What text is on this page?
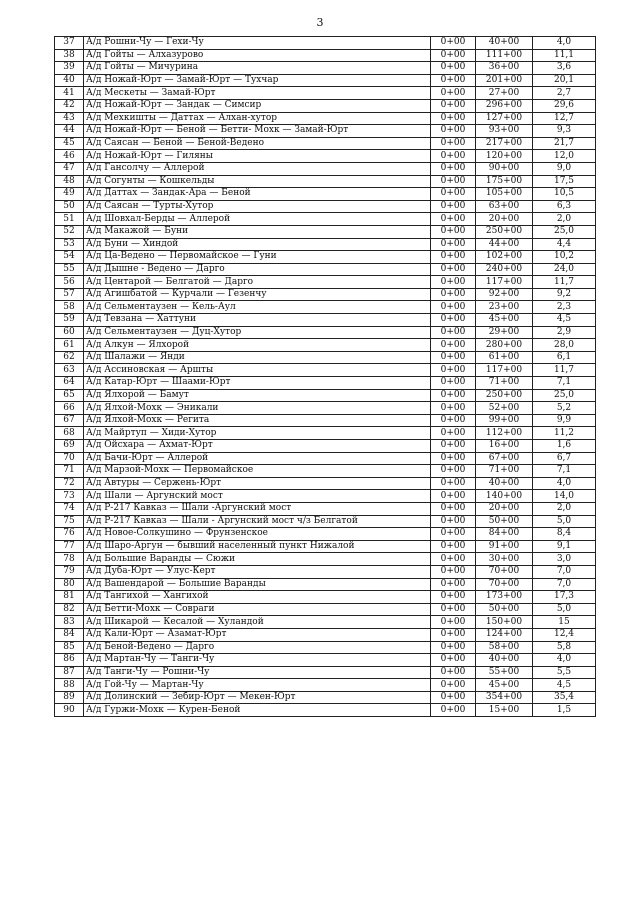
3
37	А/д Рошни-Чу — Гехи-Чу	0+00	40+00	4,0
38	А/д Гойты — Алхазурово	0+00	111+00	11,1
39	А/д Гойты — Мичурина	0+00	36+00	3,6
40	А/д Ножай-Юрт — Замай-Юрт — Тухчар	0+00	201+00	20,1
41	А/д Мескеты — Замай-Юрт	0+00	27+00	2,7
42	А/д Ножай-Юрт — Зандак — Симсир	0+00	296+00	29,6
43	А/д Мехкишты — Даттах — Алхан-хутор	0+00	127+00	12,7
44	А/д Ножай-Юрт — Беной — Бетти- Мохк — Замай-Юрт	0+00	93+00	9,3
45	А/д Саясан — Беной — Беной-Ведено	0+00	217+00	21,7
46	А/д Ножай-Юрт — Гиляны	0+00	120+00	12,0
47	А/д Гансолчу — Аллерой	0+00	90+00	9,0
48	А/д Согунты — Кошкельды	0+00	175+00	17,5
49	А/д Даттах — Зандак-Ара — Беной	0+00	105+00	10,5
50	А/д Саясан — Турты-Хутор	0+00	63+00	6,3
51	А/д Шовхал-Берды — Аллерой	0+00	20+00	2,0
52	А/д Макажой — Буни	0+00	250+00	25,0
53	А/д Буни — Хиндой	0+00	44+00	4,4
54	А/д Ца-Ведено — Первомайское — Гуни	0+00	102+00	10,2
55	А/д Дышне - Ведено — Дарго	0+00	240+00	24,0
56	А/д Центарой — Белгатой — Дарго	0+00	117+00	11,7
57	А/д Агишбатой — Курчали — Гезенчу	0+00	92+00	9,2
58	А/д Сельментаузен — Кель-Аул	0+00	23+00	2,3
59	А/д Тевзана — Хаттуни	0+00	45+00	4,5
60	А/д Сельментаузен — Дуц-Хутор	0+00	29+00	2,9
61	А/д Алкун — Ялхорой	0+00	280+00	28,0
62	А/д Шалажи — Янди	0+00	61+00	6,1
63	А/д Ассиновская — Аршты	0+00	117+00	11,7
64	А/д Катар-Юрт — Шаами-Юрт	0+00	71+00	7,1
65	А/д Ялхорой — Бамут	0+00	250+00	25,0
66	А/д Ялхой-Мохк — Эникали	0+00	52+00	5,2
67	А/д Ялхой-Мохк — Регита	0+00	99+00	9,9
68	А/д Майртуп — Хиди-Хутор	0+00	112+00	11,2
69	А/д Ойсхара — Ахмат-Юрт	0+00	16+00	1,6
70	А/д Бачи-Юрт — Аллерой	0+00	67+00	6,7
71	А/д Марзой-Мохк — Первомайское	0+00	71+00	7,1
72	А/д Автуры — Сержень-Юрт	0+00	40+00	4,0
73	А/д Шали — Аргунский мост	0+00	140+00	14,0
74	А/д Р-217 Кавказ — Шали -Аргунский мост	0+00	20+00	2,0
75	А/д Р-217 Кавказ — Шали - Аргунский мост ч/з Белгатой	0+00	50+00	5,0
76	А/д Новое-Солкушино — Фрунзенское	0+00	84+00	8,4
77	А/д Шаро-Аргун — бывший населенный пункт Нижалой	0+00	91+00	9,1
78	А/д Большие Варанды — Сюжи	0+00	30+00	3,0
79	А/д Дуба-Юрт — Улус-Керт	0+00	70+00	7,0
80	А/д Вашендарой — Большие Варанды	0+00	70+00	7,0
81	А/д Тангихой — Хангихой	0+00	173+00	17,3
82	А/д Бетти-Мохк — Совраги	0+00	50+00	5,0
83	А/д Шикарой — Кесалой — Хуландой	0+00	150+00	15
84	А/д Кали-Юрт — Азамат-Юрт	0+00	124+00	12,4
85	А/д Беной-Ведено — Дарго	0+00	58+00	5,8
86	А/д Мартан-Чу — Танги-Чу	0+00	40+00	4,0
87	А/д Танги-Чу — Рошни-Чу	0+00	55+00	5,5
88	А/д Гой-Чу — Мартан-Чу	0+00	45+00	4,5
89	А/д Долинский — Зебир-Юрт — Мекен-Юрт	0+00	354+00	35,4
90	А/д Гуржи-Мохк — Курен-Беной	0+00	15+00	1,5
